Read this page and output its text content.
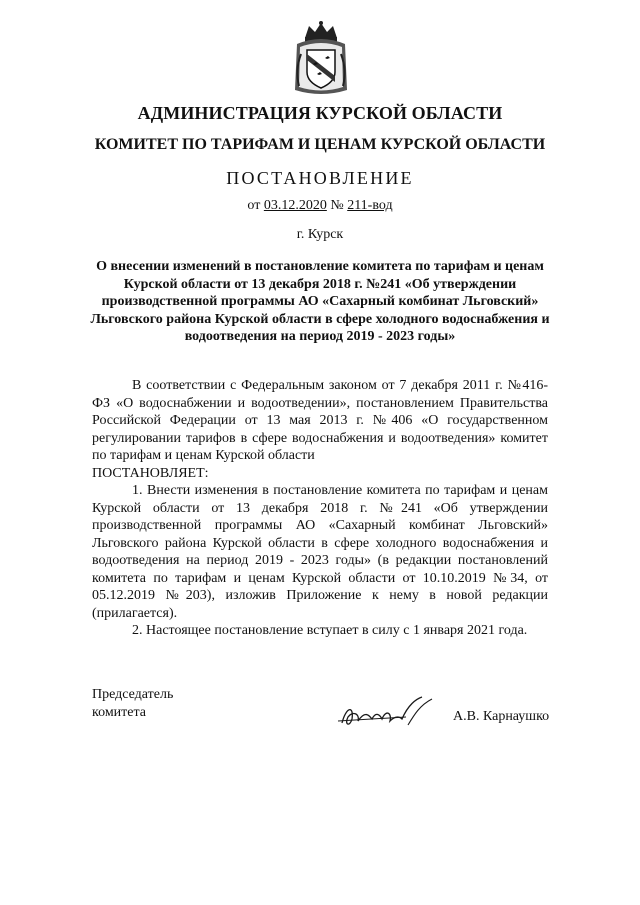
АДМИНИСТРАЦИЯ КУРСКОЙ ОБЛАСТИ
КОМИТЕТ ПО ТАРИФАМ И ЦЕНАМ КУРСКОЙ ОБЛАСТИ
ПОСТАНОВЛЕНИЕ
от 03.12.2020 № 211-вод
г. Курск
О внесении изменений в постановление комитета по тарифам и ценам Курской области от 13 декабря 2018 г. №241 «Об утверждении производственной программы АО «Сахарный комбинат Льговский» Льговского района Курской области в сфере холодного водоснабжения и водоотведения на период 2019 - 2023 годы»

В соответствии с Федеральным законом от 7 декабря 2011 г. №416-ФЗ «О водоснабжении и водоотведении», постановлением Правительства Российской Федерации от 13 мая 2013 г. №406 «О государственном регулировании тарифов в сфере водоснабжения и водоотведения» комитет по тарифам и ценам Курской области

ПОСТАНОВЛЯЕТ:

1. Внести изменения в постановление комитета по тарифам и ценам Курской области от 13 декабря 2018 г. №241 «Об утверждении производственной программы АО «Сахарный комбинат Льговский» Льговского района Курской области в сфере холодного водоснабжения и водоотведения на период 2019 - 2023 годы» (в редакции постановлений комитета по тарифам и ценам Курской области от 10.10.2019 №34, от 05.12.2019 №203), изложив Приложение к нему в новой редакции (прилагается).

2. Настоящее постановление вступает в силу с 1 января 2021 года.

Председатель
комитета	А.В. Карнаушко
